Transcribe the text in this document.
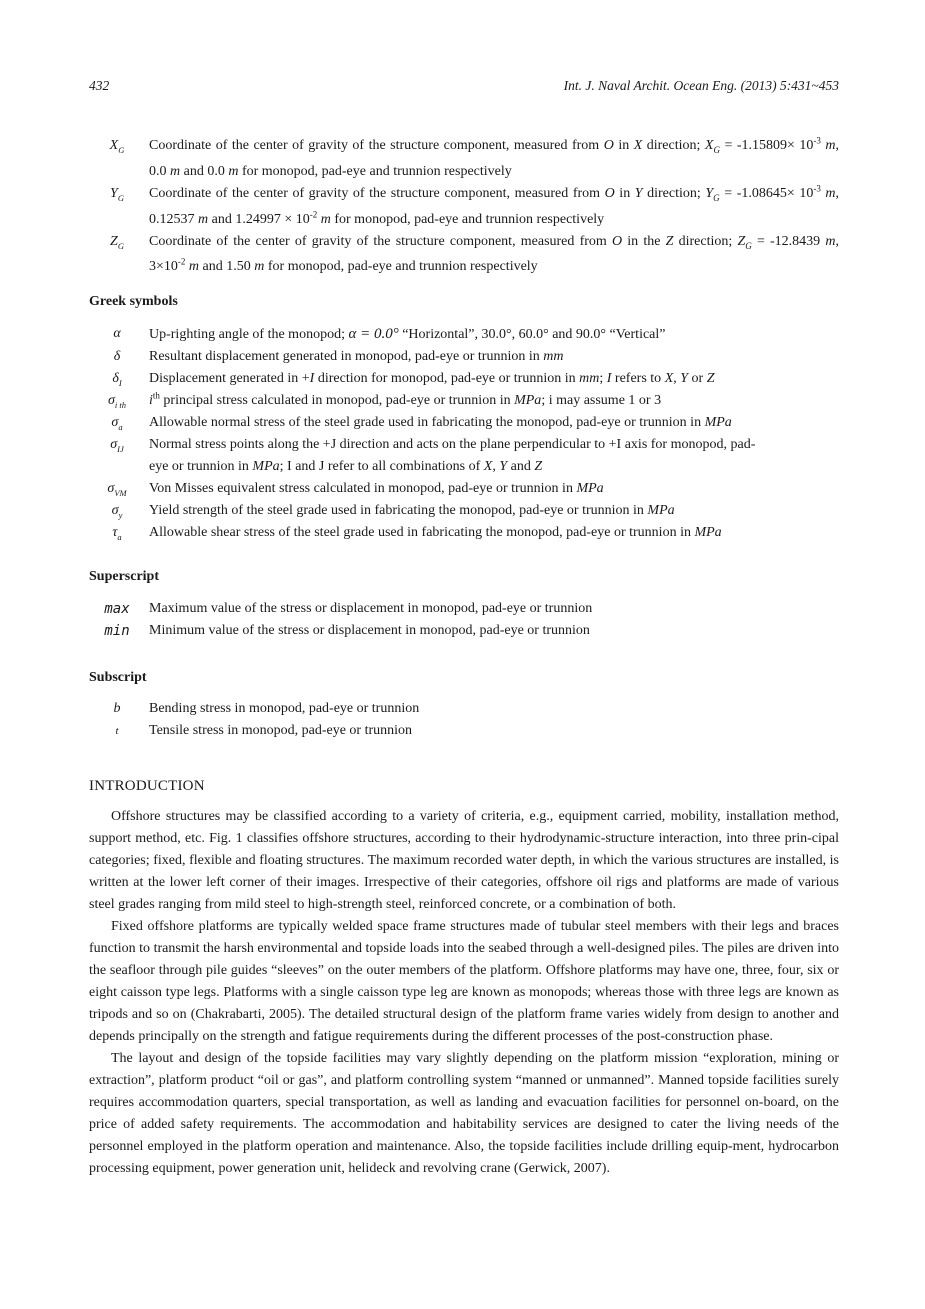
432	Int. J. Naval Archit. Ocean Eng. (2013) 5:431~453
$X_G$	Coordinate of the center of gravity of the structure component, measured from O in X direction; $X_G = -1.15809\times 10^{-3}$ m, 0.0 m and 0.0 m for monopod, pad-eye and trunnion respectively
$Y_G$	Coordinate of the center of gravity of the structure component, measured from O in Y direction; $Y_G = -1.08645\times 10^{-3}$ m, 0.12537 m and $1.24997 \times 10^{-2}$ m for monopod, pad-eye and trunnion respectively
$Z_G$	Coordinate of the center of gravity of the structure component, measured from O in the Z direction; $Z_G = -12.8439$ m, $3\times 10^{-2}$ m and 1.50 m for monopod, pad-eye and trunnion respectively
Greek symbols
α	Up-righting angle of the monopod; α = 0.0° “Horizontal”, 30.0°, 60.0° and 90.0° “Vertical”
δ	Resultant displacement generated in monopod, pad-eye or trunnion in mm
$\delta_I$	Displacement generated in +I direction for monopod, pad-eye or trunnion in mm; I refers to X, Y or Z
$\sigma_{i th}$	$i^{th}$ principal stress calculated in monopod, pad-eye or trunnion in MPa; i may assume 1 or 3
$\sigma_a$	Allowable normal stress of the steel grade used in fabricating the monopod, pad-eye or trunnion in MPa
$\sigma_{IJ}$	Normal stress points along the +J direction and acts on the plane perpendicular to +I axis for monopod, pad-
eye or trunnion in MPa; I and J refer to all combinations of X, Y and Z
$\sigma_{VM}$	Von Misses equivalent stress calculated in monopod, pad-eye or trunnion in MPa
$\sigma_y$	Yield strength of the steel grade used in fabricating the monopod, pad-eye or trunnion in MPa
$\tau_a$	Allowable shear stress of the steel grade used in fabricating the monopod, pad-eye or trunnion in MPa
Superscript
max	Maximum value of the stress or displacement in monopod, pad-eye or trunnion
min	Minimum value of the stress or displacement in monopod, pad-eye or trunnion
Subscript
b	Bending stress in monopod, pad-eye or trunnion
t	Tensile stress in monopod, pad-eye or trunnion
INTRODUCTION

Offshore structures may be classified according to a variety of criteria, e.g., equipment carried, mobility, installation method, support method, etc. Fig. 1 classifies offshore structures, according to their hydrodynamic-structure interaction, into three prin-cipal categories; fixed, flexible and floating structures. The maximum recorded water depth, in which the various structures are installed, is written at the lower left corner of their images. Irrespective of their categories, offshore oil rigs and platforms are made of various steel grades ranging from mild steel to high-strength steel, reinforced concrete, or a combination of both.

Fixed offshore platforms are typically welded space frame structures made of tubular steel members with their legs and braces function to transmit the harsh environmental and topside loads into the seabed through a well-designed piles. The piles are driven into the seafloor through pile guides “sleeves” on the outer members of the platform. Offshore platforms may have one, three, four, six or eight caisson type legs. Platforms with a single caisson type leg are known as monopods; whereas those with three legs are known as tripods and so on (Chakrabarti, 2005). The detailed structural design of the platform frame varies widely from design to another and depends principally on the strength and fatigue requirements during the different processes of the post-construction phase.

The layout and design of the topside facilities may vary slightly depending on the platform mission “exploration, mining or extraction”, platform product “oil or gas”, and platform controlling system “manned or unmanned”. Manned topside facilities surely requires accommodation quarters, special transportation, as well as landing and evacuation facilities for personnel on-board, on the price of added safety requirements. The accommodation and habitability services are designed to cater the living needs of the personnel employed in the platform operation and maintenance. Also, the topside facilities include drilling equip-ment, hydrocarbon processing equipment, power generation unit, helideck and revolving crane (Gerwick, 2007).
